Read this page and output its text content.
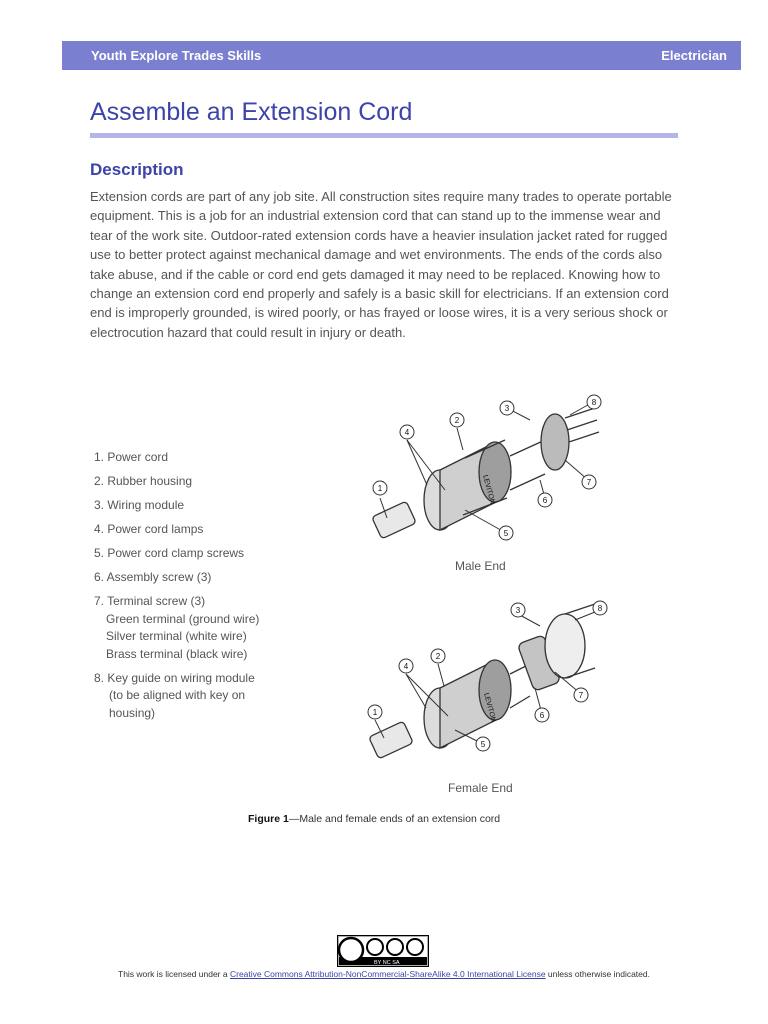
Youth Explore Trades Skills	Electrician
Assemble an Extension Cord
Description

Extension cords are part of any job site. All construction sites require many trades to operate portable equipment. This is a job for an industrial extension cord that can stand up to the immense wear and tear of the work site. Outdoor-rated extension cords have a heavier insulation jacket rated for rugged use to better protect against mechanical damage and wet environments. The ends of the cords also take abuse, and if the cable or cord end gets damaged it may need to be replaced. Knowing how to change an extension cord end properly and safely is a basic skill for electricians. If an extension cord end is improperly grounded, is wired poorly, or has frayed or loose wires, it is a very serious shock or electrocution hazard that could result in injury or death.

1. Power cord
2. Rubber housing
3. Wiring module
4. Power cord lamps
5. Power cord clamp screws
6. Assembly screw (3)
7. Terminal screw (3)
Green terminal (ground wire)
Silver terminal (white wire)
Brass terminal (black wire)
8. Key guide on wiring module
(to be aligned with key on
housing)
1
2
3
4
5
6
7
8
LEVITON
Male End
1
2
3
4
5
6
7
8
LEVITON
Female End

Figure 1—Male and female ends of an extension cord

BY NC SA
This work is licensed under a Creative Commons Attribution-NonCommercial-ShareAlike 4.0 International License unless otherwise indicated.
